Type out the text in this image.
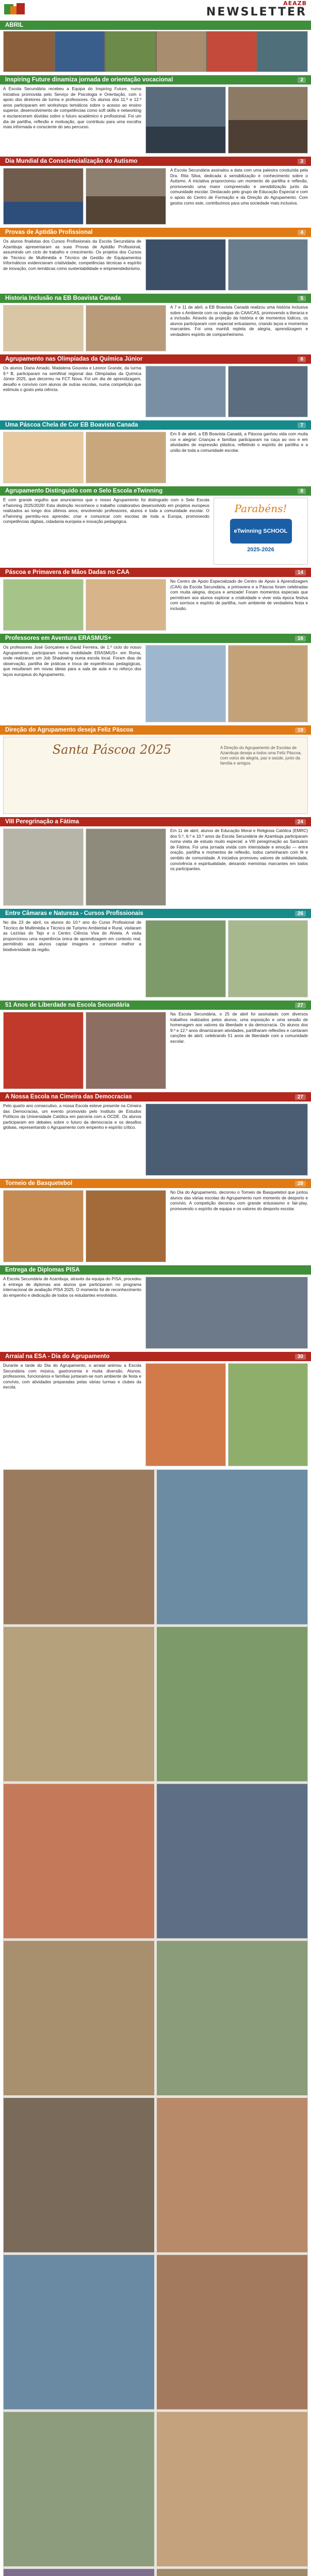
AEAZB
NEWSLETTER
ABRIL
Inspiring Future dinamiza jornada de orientação vocacional	2
A Escola Secundária recebeu a Equipa do Inspiring Future, numa iniciativa promovida pelo Serviço de Psicologia e Orientação, com o apoio dos diretores de turma e professores. Os alunos dos 11.º e 12.º anos participaram em workshops temáticos sobre o acesso ao ensino superior, desenvolvimento de competências como soft skills e networking e esclareceram dúvidas sobre o futuro académico e profissional. Foi um dia de partilha, reflexão e motivação, que contribuiu para uma escolha mais informada e consciente do seu percurso.
Dia Mundial da Consciencialização do Autismo	3
A Escola Secundária assinalou a data com uma palestra conduzida pela Dra. Rita Silva, dedicada à sensibilização e conhecimento sobre o Autismo. A iniciativa proporcionou um momento de partilha e reflexão, promovendo uma maior compreensão e sensibilização junto da comunidade escolar. Destacado pelo grupo de Educação Especial e com o apoio do Centro de Formação e da Direção do Agrupamento. Com gestos como este, contribuímos para uma sociedade mais inclusiva.
Provas de Aptidão Profissional	4
Os alunos finalistas dos Cursos Profissionais da Escola Secundária de Azambuja apresentaram as suas Provas de Aptidão Profissional, assumindo um ciclo de trabalho e crescimento. Os projetos dos Cursos de Técnico de Multimédia e Técnico de Gestão de Equipamentos Informáticos evidenciaram criatividade, competências técnicas e espírito de inovação, com temáticas como sustentabilidade e empreendedorismo.
Historia Inclusão na EB Boavista Canada	5
A 7 e 11 de abril, a EB Boavista Canadá realizou uma história inclusiva sobre o Ambiente com os colegas do CAA/CAS, promovendo a literacia e a inclusão. Através da projeção da história e de momentos lúdicos, os alunos participaram com especial entusiasmo, criando laços e momentos marcantes. Foi uma manhã repleta de alegria, aprendizagem e verdadeiro espírito de companheirismo.
Agrupamento nas Olimpíadas da Química Júnior	6
Os alunos Diana Amado, Madalena Gouveia e Leonor Grande, da turma 9.º B, participaram na semifinal regional das Olimpíadas da Química Júnior 2025, que decorreu na FCT Nova. Foi um dia de aprendizagem, desafio e convívio com alunos de outras escolas, numa competição que estimula o gosto pela ciência.
Uma Páscoa Chela de Cor EB Boavista Canada	7
Em 9 de abril, a EB Boavista Canadá, a Páscoa ganhou vida com muita cor e alegria! Crianças e famílias participaram na caça ao ovo e em atividades de expressão plástica, refletindo o espírito de partilha e a união de toda a comunidade escolar.
Agrupamento Distinguido com o Selo Escola eTwinning	8
É com grande orgulho que anunciamos que o nosso Agrupamento foi distinguido com o Selo Escola eTwinning 2025/2026! Esta distinção reconhece o trabalho colaborativo desenvolvido em projetos europeus realizados ao longo dos últimos anos, envolvendo professores, alunos e toda a comunidade escolar. O eTwinning permitiu-nos aprender, criar e comunicar com escolas de toda a Europa, promovendo competências digitais, cidadania europeia e inovação pedagógica.
Parabéns!
eTwinning SCHOOL
2025-2026
Páscoa e Primavera de Mãos Dadas no CAA	14
No Centro de Apoio Especializado de Centro de Apoio à Aprendizagem (CAA) da Escola Secundária, a primavera e a Páscoa foram celebradas com muita alegria, doçura e amizade! Foram momentos especiais que permitiram aos alunos explorar a criatividade e viver esta época festiva com sorrisos e espírito de partilha, num ambiente de verdadeira festa e inclusão.
Professores em Aventura ERASMUS+	16
Os professores José Gonçalves e David Ferreira, de 1.º ciclo do nosso Agrupamento, participaram numa mobilidade ERASMUS+ em Roma, onde realizaram um Job Shadowing numa escola local. Foram dias de observação, partilha de práticas e troca de experiências pedagógicas, que resultaram em novas ideias para a sala de aula e no reforço dos laços europeus do Agrupamento.
Direção do Agrupamento deseja Feliz Páscoa	19
Santa Páscoa 2025	A Direção do Agrupamento de Escolas de Azambuja deseja a todos uma Feliz Páscoa, com votos de alegria, paz e saúde, junto da família e amigos.
VIII Peregrinação a Fátima	24
Em 11 de abril, alunos de Educação Moral e Religiosa Católica (EMRC) dos 5.º, 6.º e 10.º anos da Escola Secundária de Azambuja participaram numa visita de estudo muito especial: a VIII peregrinação ao Santuário de Fátima. Foi uma jornada vivida com intensidade e emoção — entre oração, partilha e momentos de reflexão, todos caminharam com fé e sentido de comunidade. A iniciativa promoveu valores de solidariedade, convivência e espiritualidade, deixando memórias marcantes em todos os participantes.
Entre Câmaras e Natureza - Cursos Profissionais	26
No dia 23 de abril, os alunos do 10.º ano do Curso Profissional de Técnico de Multimédia e Técnico de Turismo Ambiental e Rural, visitaram as Lezírias do Tejo e o Centro Ciência Viva do Alviela. A visita proporcionou uma experiência única de aprendizagem em contexto real, permitindo aos alunos captar imagens e conhecer melhor a biodiversidade da região.
51 Anos de Liberdade na Escola Secundária	27
Na Escola Secundária, o 25 de abril foi assinalado com diversos trabalhos realizados pelos alunos, uma exposição e uma sessão de homenagem aos valores da liberdade e da democracia. Os alunos dos 9.º e 12.º anos dinamizaram atividades, partilharam reflexões e cantaram canções de abril, celebrando 51 anos de liberdade com a comunidade escolar.
A Nossa Escola na Cimeira das Democracias	27
Pelo quarto ano consecutivo, a nossa Escola esteve presente na Cimeira das Democracias, um evento promovido pelo Instituto de Estudos Políticos da Universidade Católica em parceria com a OCDE. Os alunos participaram em debates sobre o futuro da democracia e os desafios globais, representando o Agrupamento com empenho e espírito crítico.
Torneio de Basquetebol	28
No Dia do Agrupamento, decorreu o Torneio de Basquetebol que juntou alunos das várias escolas do Agrupamento num momento de desporto e convívio. A competição decorreu com grande entusiasmo e fair-play, promovendo o espírito de equipa e os valores do desporto escolar.
Entrega de Diplomas PISA
A Escola Secundária de Azambuja, através da equipa do PISA, procedeu à entrega de diplomas aos alunos que participaram no programa internacional de avaliação PISA 2025. O momento foi de reconhecimento do empenho e dedicação de todos os estudantes envolvidos.
Arraial na ESA - Dia do Agrupamento	30
Durante a tarde do Dia do Agrupamento, o arraial animou a Escola Secundária com música, gastronomia e muita diversão. Alunos, professores, funcionários e famílias juntaram-se num ambiente de festa e convívio, com atividades preparadas pelas várias turmas e clubes da escola.
